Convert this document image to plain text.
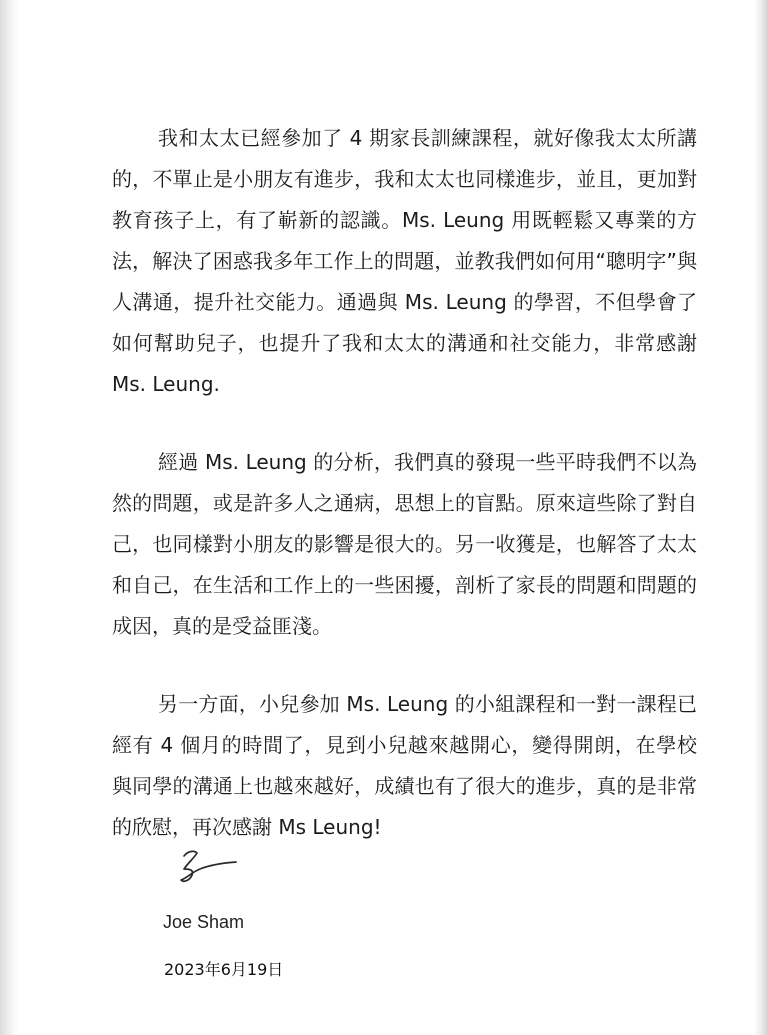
我和太太已經參加了 4 期家長訓練課程，就好像我太太所講的，不單止是小朋友有進步，我和太太也同樣進步，並且，更加對教育孩子上，有了嶄新的認識。Ms. Leung 用既輕鬆又專業的方法，解決了困惑我多年工作上的問題，並教我們如何用“聰明字”與人溝通，提升社交能力。通過與 Ms. Leung 的學習，不但學會了如何幫助兒子，也提升了我和太太的溝通和社交能力，非常感謝 Ms. Leung.

經過 Ms. Leung 的分析，我們真的發現一些平時我們不以為然的問題，或是許多人之通病，思想上的盲點。原來這些除了對自己，也同樣對小朋友的影響是很大的。另一收獲是，也解答了太太和自己，在生活和工作上的一些困擾，剖析了家長的問題和問題的成因，真的是受益匪淺。

另一方面，小兒參加 Ms. Leung 的小組課程和一對一課程已經有 4 個月的時間了，見到小兒越來越開心，變得開朗，在學校與同學的溝通上也越來越好，成績也有了很大的進步，真的是非常的欣慰，再次感謝 Ms Leung!

Joe Sham
2023年6月19日
